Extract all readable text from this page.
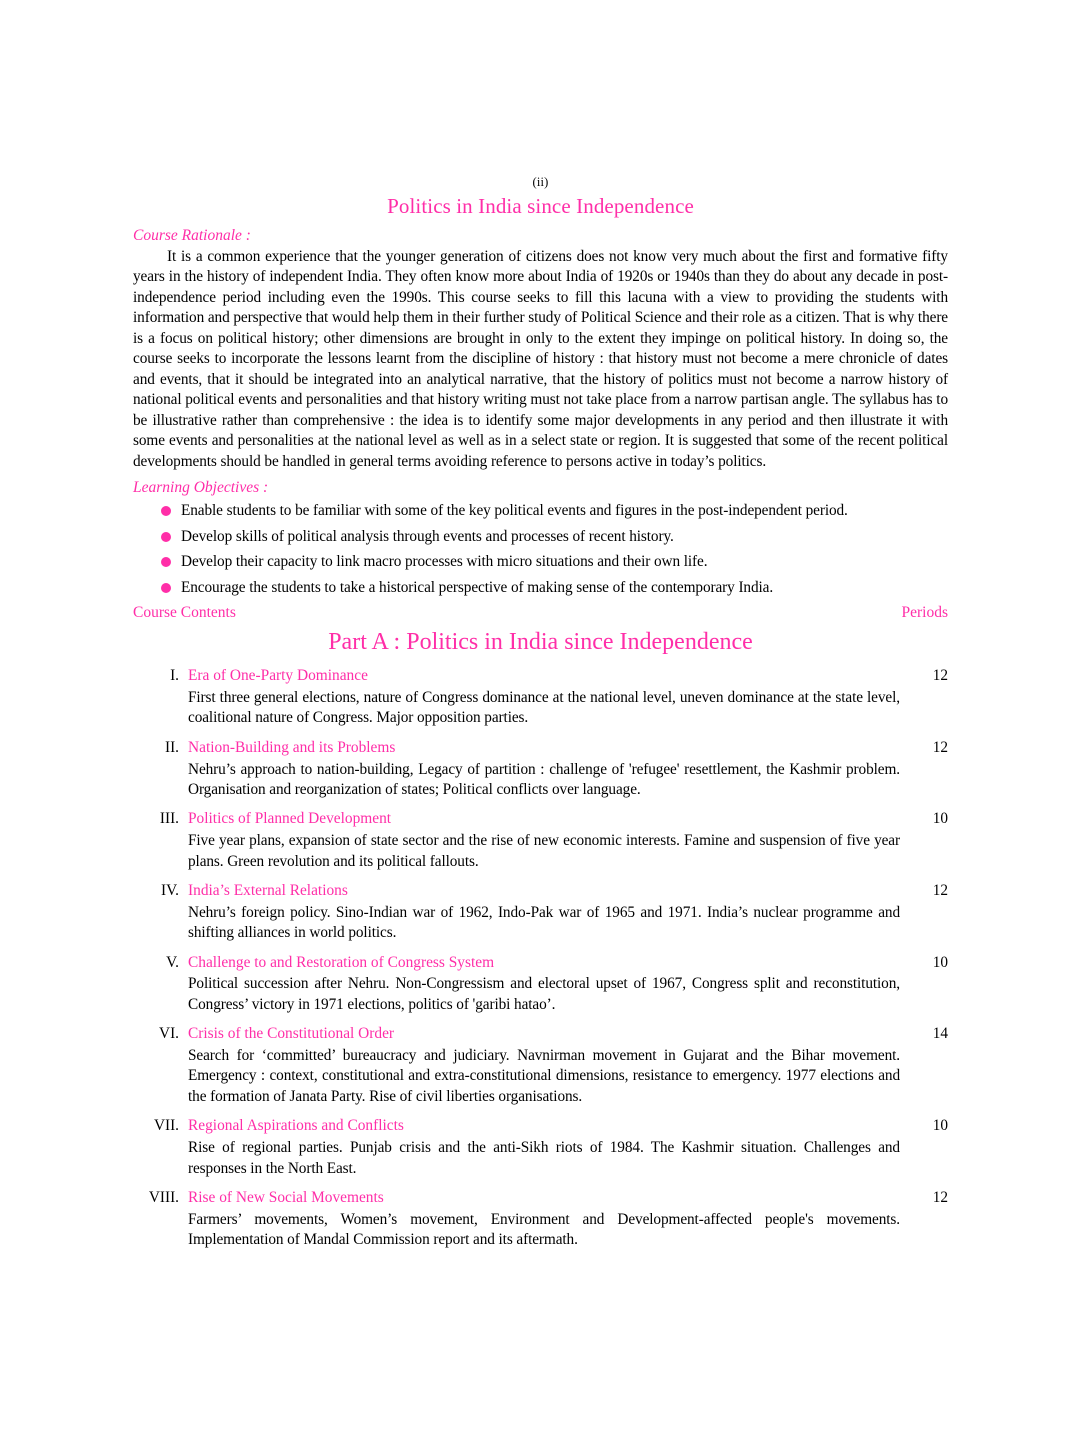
(ii)
Politics in India since Independence
Course Rationale :

It is a common experience that the younger generation of citizens does not know very much about the first and formative fifty years in the history of independent India. They often know more about India of 1920s or 1940s than they do about any decade in post-independence period including even the 1990s. This course seeks to fill this lacuna with a view to providing the students with information and perspective that would help them in their further study of Political Science and their role as a citizen. That is why there is a focus on political history; other dimensions are brought in only to the extent they impinge on political history. In doing so, the course seeks to incorporate the lessons learnt from the discipline of history : that history must not become a mere chronicle of dates and events, that it should be integrated into an analytical narrative, that the history of politics must not become a narrow history of national political events and personalities and that history writing must not take place from a narrow partisan angle. The syllabus has to be illustrative rather than comprehensive : the idea is to identify some major developments in any period and then illustrate it with some events and personalities at the national level as well as in a select state or region. It is suggested that some of the recent political developments should be handled in general terms avoiding reference to persons active in today’s politics.

Learning Objectives :
Enable students to be familiar with some of the key political events and figures in the post-independent period.
Develop skills of political analysis through events and processes of recent history.
Develop their capacity to link macro processes with micro situations and their own life.
Encourage the students to take a historical perspective of making sense of the contemporary India.
Course Contents	Periods
Part A : Politics in India since Independence
I.	Era of One-Party Dominance
First three general elections, nature of Congress dominance at the national level, uneven dominance at the state level, coalitional nature of Congress. Major opposition parties.	12

II.	Nation-Building and its Problems
Nehru’s approach to nation-building, Legacy of partition : challenge of 'refugee' resettlement, the Kashmir problem. Organisation and reorganization of states; Political conflicts over language.	12

III.	Politics of Planned Development
Five year plans, expansion of state sector and the rise of new economic interests. Famine and suspension of five year plans. Green revolution and its political fallouts.	10

IV.	India’s External Relations
Nehru’s foreign policy. Sino-Indian war of 1962, Indo-Pak war of 1965 and 1971. India’s nuclear programme and shifting alliances in world politics.	12

V.	Challenge to and Restoration of Congress System
Political succession after Nehru. Non-Congressism and electoral upset of 1967, Congress split and reconstitution, Congress’ victory in 1971 elections, politics of 'garibi hatao’.	10

VI.	Crisis of the Constitutional Order
Search for ‘committed’ bureaucracy and judiciary. Navnirman movement in Gujarat and the Bihar movement. Emergency : context, constitutional and extra-constitutional dimensions, resistance to emergency. 1977 elections and the formation of Janata Party. Rise of civil liberties organisations.	14

VII.	Regional Aspirations and Conflicts
Rise of regional parties. Punjab crisis and the anti-Sikh riots of 1984. The Kashmir situation. Challenges and responses in the North East.	10

VIII.	Rise of New Social Movements
Farmers’ movements, Women’s movement, Environment and Development-affected people's movements. Implementation of Mandal Commission report and its aftermath.	12
